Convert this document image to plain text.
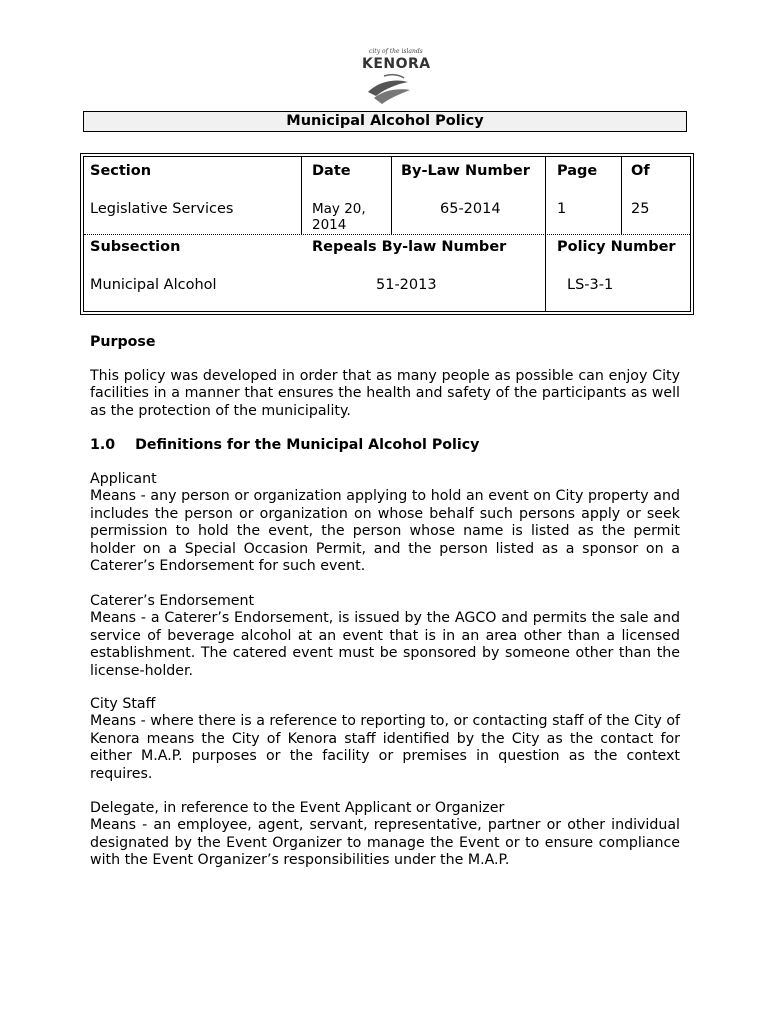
city of the islands
KENORA
Municipal Alcohol Policy
Section
Legislative Services
Date
May 20,
2014
By-Law Number
65-2014
Page
1
Of
25
Subsection
Municipal Alcohol
Repeals By-law Number
51-2013
Policy Number
LS-3-1
Purpose

This policy was developed in order that as many people as possible can enjoy City facilities in a manner that ensures the health and safety of the participants as well as the protection of the municipality.

1.0 Definitions for the Municipal Alcohol Policy

Applicant

Means - any person or organization applying to hold an event on City property and includes the person or organization on whose behalf such persons apply or seek permission to hold the event, the person whose name is listed as the permit holder on a Special Occasion Permit, and the person listed as a sponsor on a Caterer’s Endorsement for such event.

Caterer’s Endorsement

Means - a Caterer’s Endorsement, is issued by the AGCO and permits the sale and service of beverage alcohol at an event that is in an area other than a licensed establishment. The catered event must be sponsored by someone other than the license-holder.

City Staff

Means - where there is a reference to reporting to, or contacting staff of the City of Kenora means the City of Kenora staff identified by the City as the contact for either M.A.P. purposes or the facility or premises in question as the context requires.

Delegate, in reference to the Event Applicant or Organizer

Means - an employee, agent, servant, representative, partner or other individual designated by the Event Organizer to manage the Event or to ensure compliance with the Event Organizer’s responsibilities under the M.A.P.
